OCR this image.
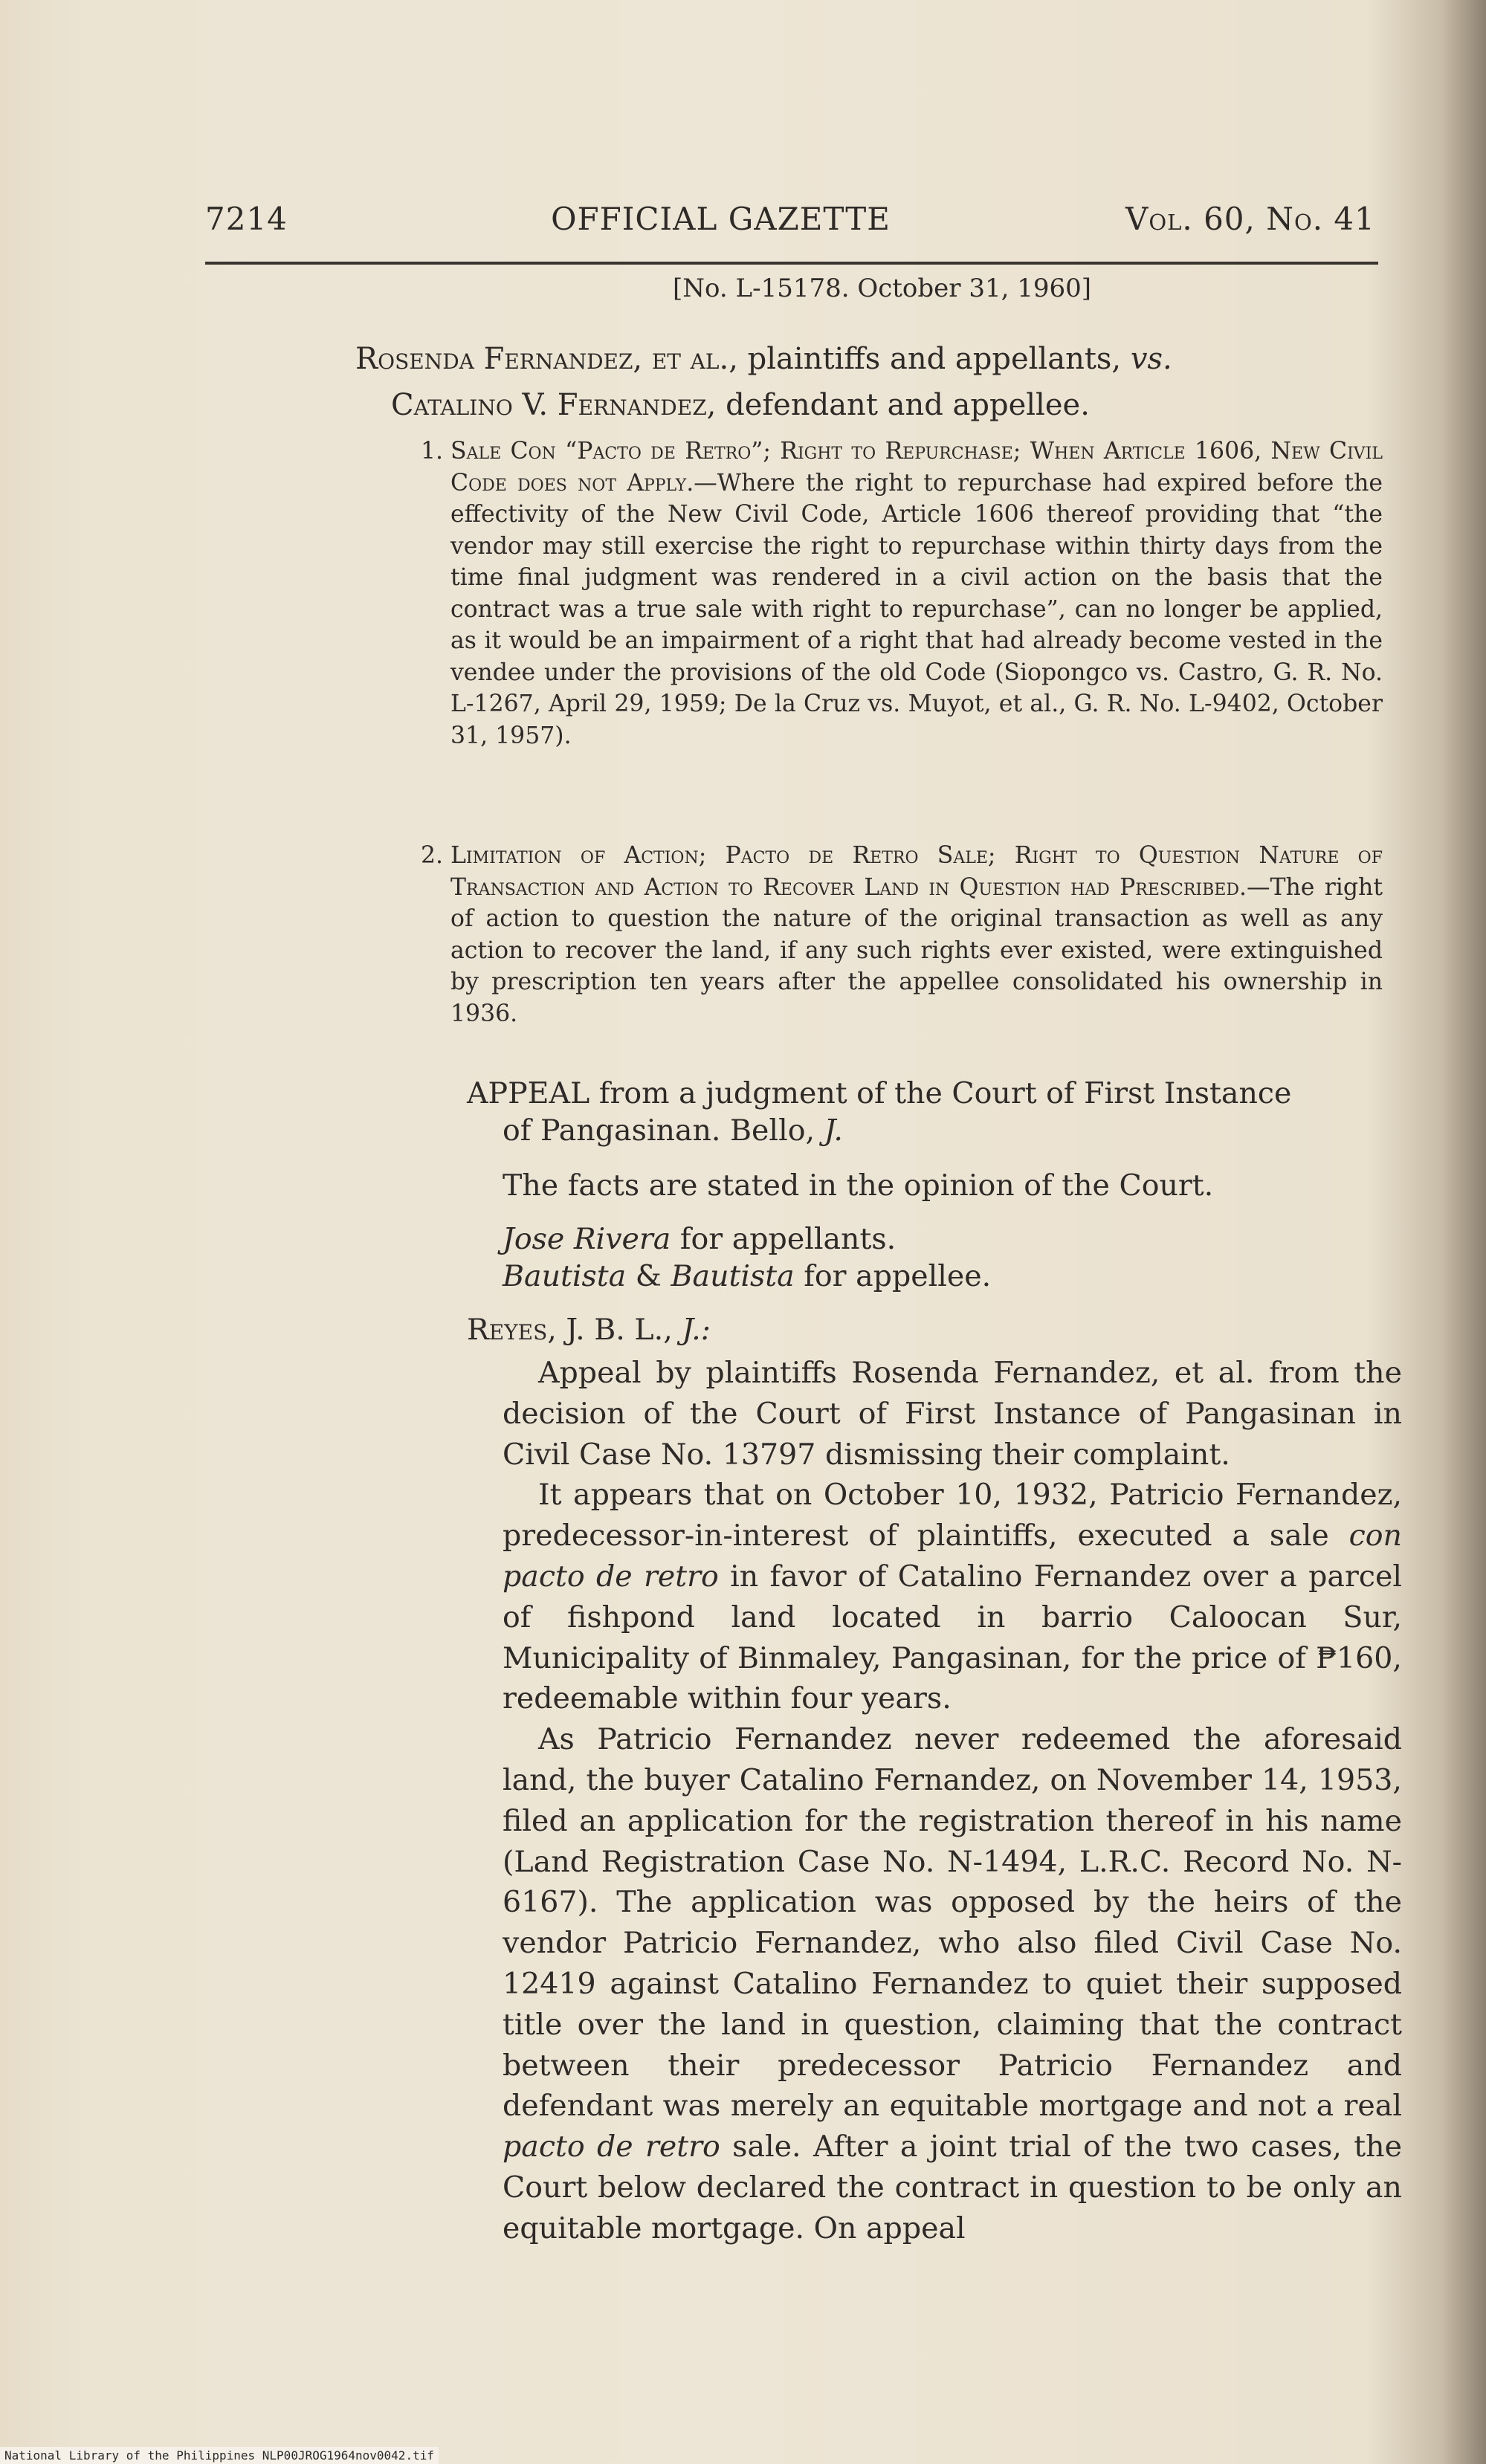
7214	OFFICIAL GAZETTE	Vol. 60, No. 41
[No. L-15178. October 31, 1960]
Rosenda Fernandez, et al., plaintiffs and appellants, vs.
Catalino V. Fernandez, defendant and appellee.
1. Sale Con “Pacto de Retro”; Right to Repurchase; When Article 1606, New Civil Code does not Apply.—Where the right to repurchase had expired before the effectivity of the New Civil Code, Article 1606 thereof providing that “the vendor may still exercise the right to repurchase within thirty days from the time final judgment was rendered in a civil action on the basis that the contract was a true sale with right to repurchase”, can no longer be applied, as it would be an impairment of a right that had already become vested in the vendee under the provisions of the old Code (Siopongco vs. Castro, G. R. No. L-1267, April 29, 1959; De la Cruz vs. Muyot, et al., G. R. No. L-9402, October 31, 1957).
2. Limitation of Action; Pacto de Retro Sale; Right to Question Nature of Transaction and Action to Recover Land in Question had Prescribed.—The right of action to question the nature of the original transaction as well as any action to recover the land, if any such rights ever existed, were extinguished by prescription ten years after the appellee consolidated his ownership in 1936.
APPEAL from a judgment of the Court of First Instance
of Pangasinan. Bello, J.
The facts are stated in the opinion of the Court.
Jose Rivera for appellants.
Bautista & Bautista for appellee.
Reyes, J. B. L., J.:

Appeal by plaintiffs Rosenda Fernandez, et al. from the decision of the Court of First Instance of Pangasinan in Civil Case No. 13797 dismissing their complaint.

It appears that on October 10, 1932, Patricio Fernandez, predecessor-in-interest of plaintiffs, executed a sale con pacto de retro in favor of Catalino Fernandez over a parcel of fishpond land located in barrio Caloocan Sur, Municipality of Binmaley, Pangasinan, for the price of ₱160, redeemable within four years.

As Patricio Fernandez never redeemed the aforesaid land, the buyer Catalino Fernandez, on November 14, 1953, filed an application for the registration thereof in his name (Land Registration Case No. N-1494, L.R.C. Record No. N-6167). The application was opposed by the heirs of the vendor Patricio Fernandez, who also filed Civil Case No. 12419 against Catalino Fernandez to quiet their supposed title over the land in question, claiming that the contract between their predecessor Patricio Fernandez and defendant was merely an equitable mortgage and not a real pacto de retro sale. After a joint trial of the two cases, the Court below declared the contract in question to be only an equitable mortgage. On appeal

National Library of the Philippines NLP00JROG1964nov0042.tif
